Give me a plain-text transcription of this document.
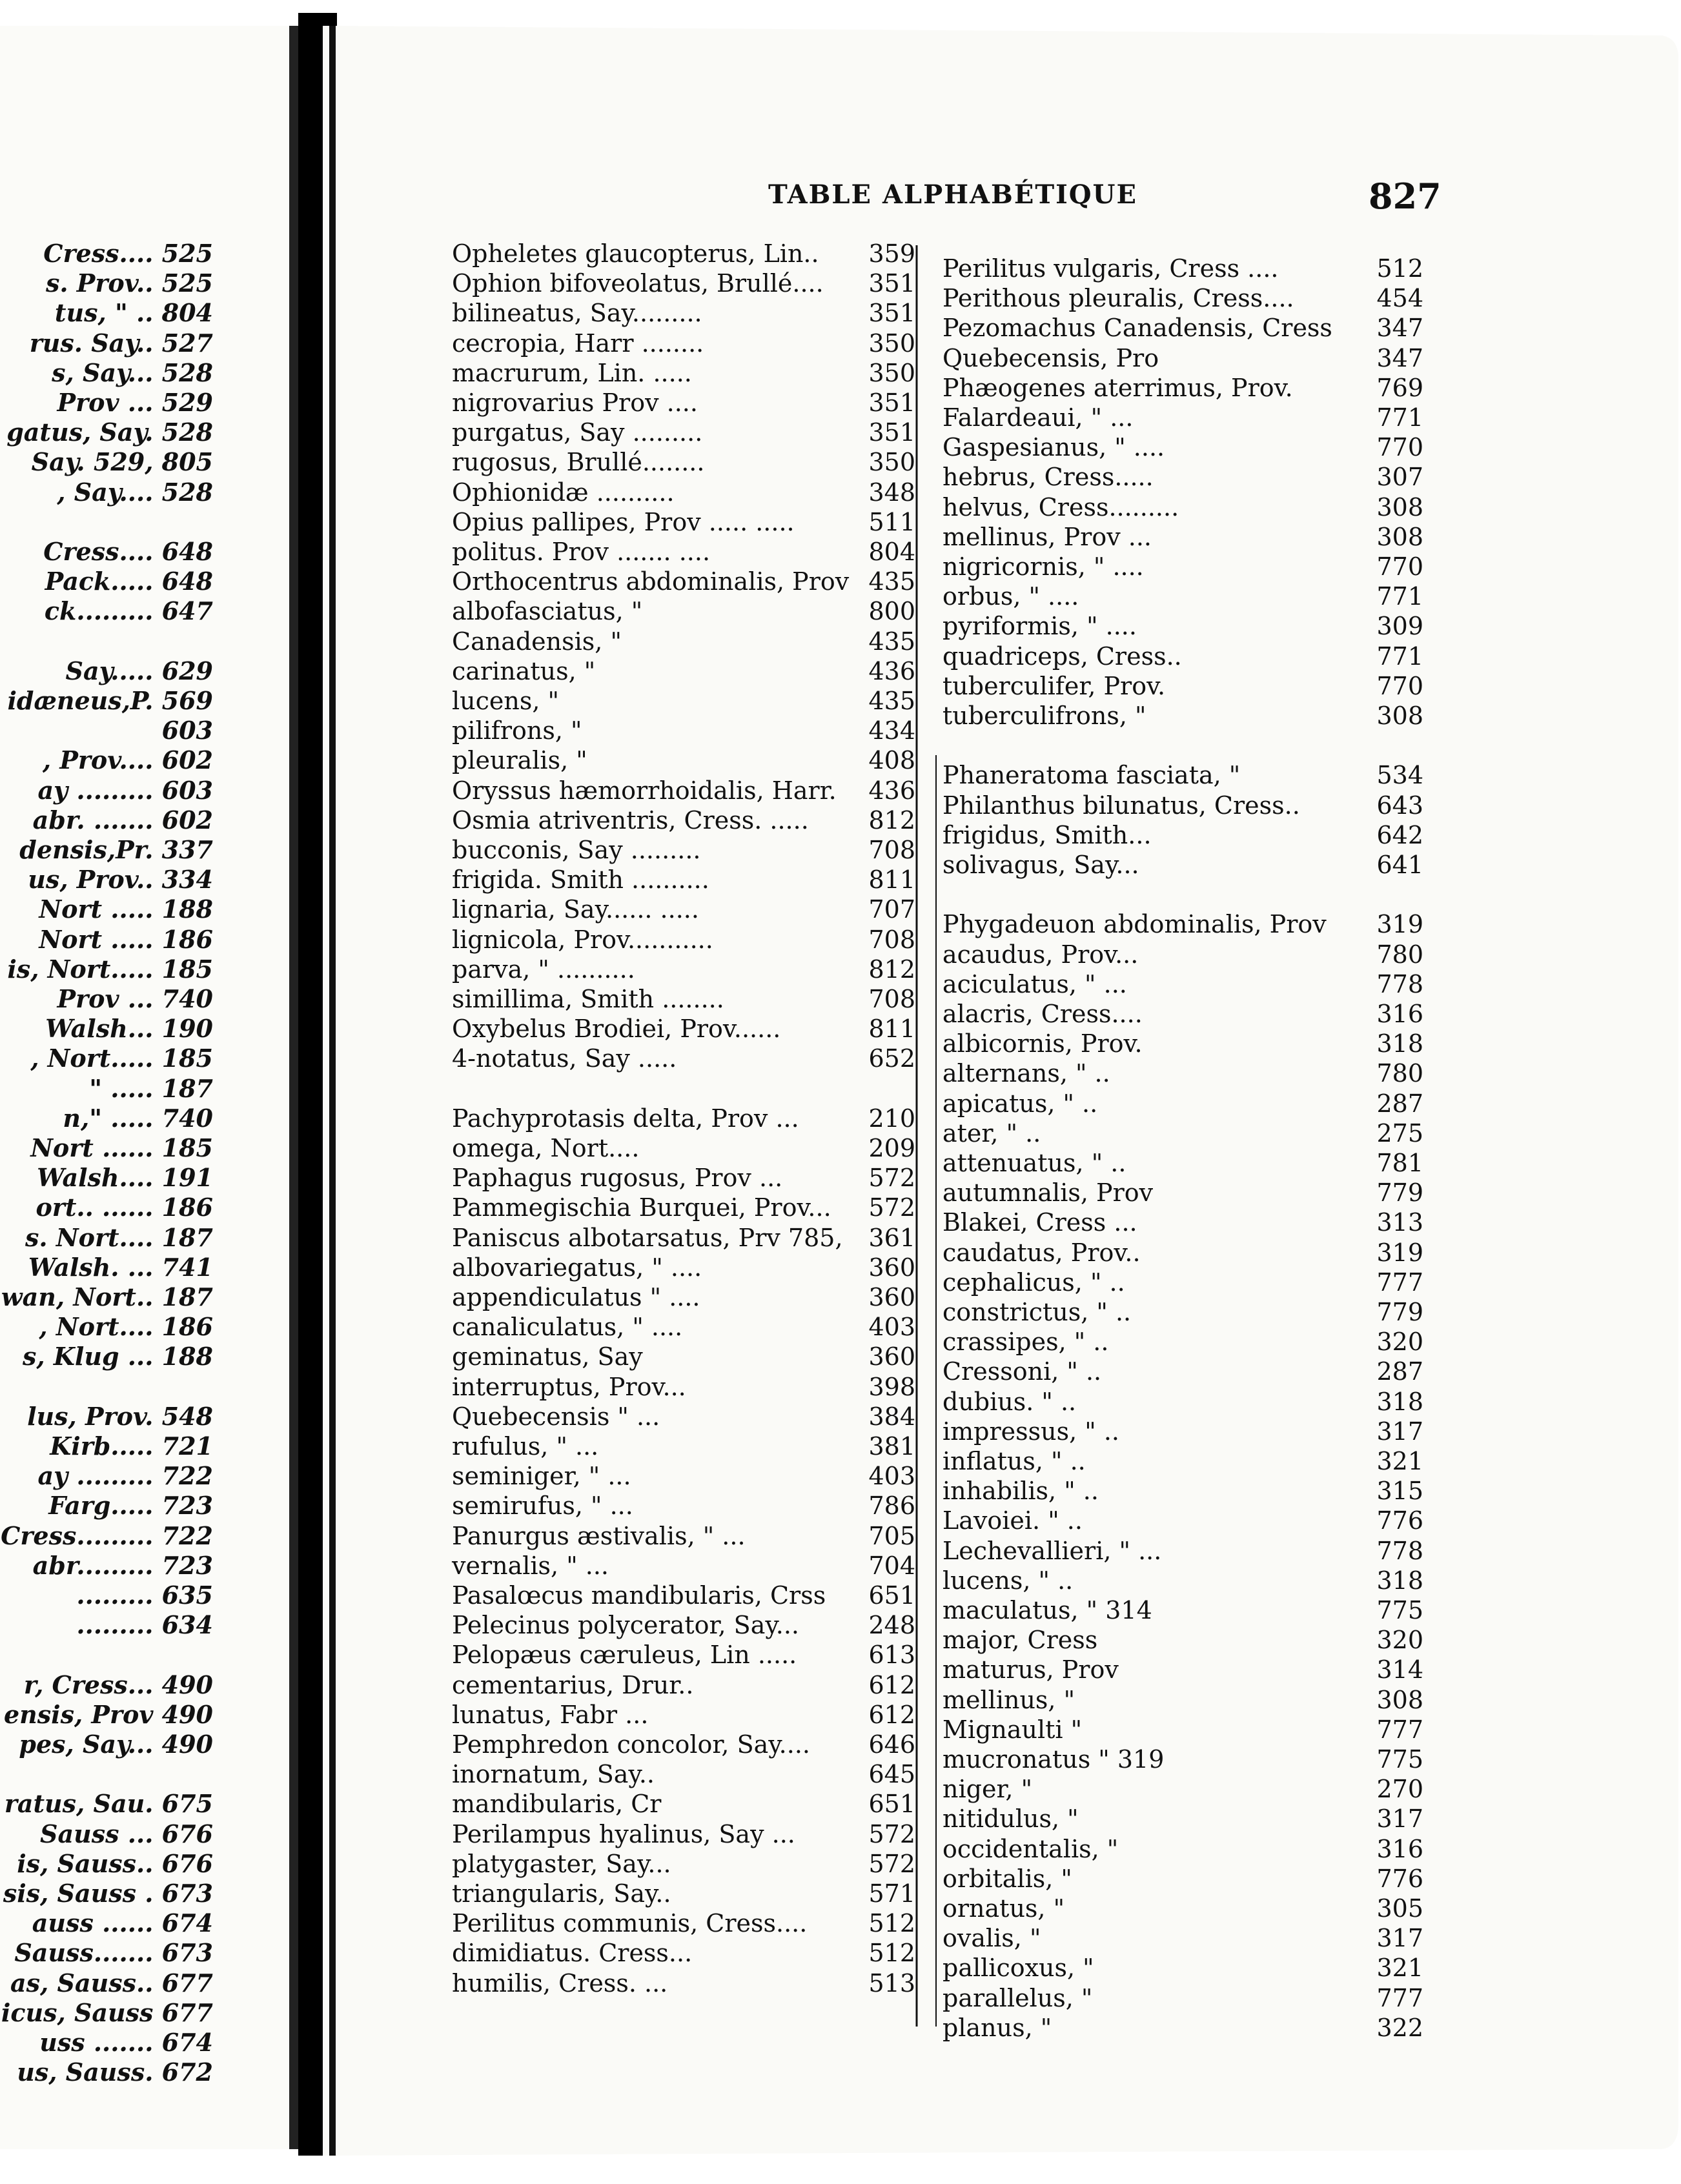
TABLE ALPHABÉTIQUE	827
Cress.... 525
s. Prov.. 525
tus, " .. 804
rus. Say.. 527
s, Say... 528
Prov ... 529
gatus, Say. 528
Say. 529, 805
, Say.... 528
Cress.... 648
Pack..... 648
ck......... 647
Say..... 629
idæneus,P. 569
603
, Prov.... 602
ay ......... 603
abr. ....... 602
densis,Pr. 337
us, Prov.. 334
Nort ..... 188
Nort ..... 186
is, Nort..... 185
Prov ... 740
Walsh... 190
, Nort..... 185
" ..... 187
n," ..... 740
Nort ...... 185
Walsh.... 191
ort.. ...... 186
s. Nort.... 187
Walsh. ... 741
wan, Nort.. 187
, Nort.... 186
s, Klug ... 188
lus, Prov. 548
Kirb..... 721
ay ......... 722
Farg..... 723
Cress......... 722
abr......... 723
......... 635
......... 634
r, Cress... 490
ensis, Prov 490
pes, Say... 490
ratus, Sau. 675
Sauss ... 676
is, Sauss.. 676
sis, Sauss . 673
auss ...... 674
Sauss....... 673
as, Sauss.. 677
icus, Sauss 677
uss ....... 674
us, Sauss. 672
Opheletes glaucopterus, Lin.. 359
Ophion bifoveolatus, Brullé.... 351
bilineatus, Say.........	351
cecropia, Harr ........	350
macrurum, Lin. .....	350
nigrovarius Prov ....	351
purgatus, Say .........	351
rugosus, Brullé........	350
Ophionidæ ..........	348
Opius pallipes, Prov ..... .....	511
politus. Prov ....... ....	804
Orthocentrus abdominalis, Prov 435
albofasciatus, "	800
Canadensis, "	435
carinatus, "	436
lucens, "	435
pilifrons, "	434
pleuralis, "	408
Oryssus hæmorrhoidalis, Harr. 436
Osmia atriventris, Cress. ..... 812
bucconis, Say .........	708
frigida. Smith ..........	811
lignaria, Say...... .....	707
lignicola, Prov...........	708
parva, " ..........	812
simillima, Smith ........	708
Oxybelus Brodiei, Prov......	811
4-notatus, Say .....	652
Pachyprotasis delta, Prov ...	210
omega, Nort....	209
Paphagus rugosus, Prov ...	572
Pammegischia Burquei, Prov... 572
Paniscus albotarsatus, Prv 785, 361
albovariegatus, " ....	360
appendiculatus " ....	360
canaliculatus, " ....	403
geminatus, Say	360
interruptus, Prov...	398
Quebecensis " ...	384
rufulus, " ...	381
seminiger, " ...	403
semirufus, " ...	786
Panurgus æstivalis, " ...	705
vernalis, " ...	704
Pasalœcus mandibularis, Crss 651
Pelecinus polycerator, Say...	248
Pelopæus cæruleus, Lin .....	613
cementarius, Drur..	612
lunatus, Fabr ...	612
Pemphredon concolor, Say.... 646
inornatum, Say..	645
mandibularis, Cr	651
Perilampus hyalinus, Say ...	572
platygaster, Say...	572
triangularis, Say..	571
Perilitus communis, Cress....	512
dimidiatus. Cress...	512
humilis, Cress. ...	513
Perilitus vulgaris, Cress ....	512
Perithous pleuralis, Cress....	454
Pezomachus Canadensis, Cress 347
Quebecensis, Pro	347
Phæogenes aterrimus, Prov.	769
Falardeaui, " ...	771
Gaspesianus, " ....	770
hebrus, Cress.....	307
helvus, Cress.........	308
mellinus, Prov ...	308
nigricornis, " ....	770
orbus, " ....	771
pyriformis, " ....	309
quadriceps, Cress..	771
tuberculifer, Prov.	770
tuberculifrons, "	308
Phaneratoma fasciata, "	534
Philanthus bilunatus, Cress..	643
frigidus, Smith...	642
solivagus, Say...	641
Phygadeuon abdominalis, Prov 319
acaudus, Prov...	780
aciculatus, " ...	778
alacris, Cress....	316
albicornis, Prov.	318
alternans, " ..	780
apicatus, " ..	287
ater, " ..	275
attenuatus, " ..	781
autumnalis, Prov	779
Blakei, Cress ...	313
caudatus, Prov..	319
cephalicus, " ..	777
constrictus, " ..	779
crassipes, " ..	320
Cressoni, " ..	287
dubius. " ..	318
impressus, " ..	317
inflatus, " ..	321
inhabilis, " ..	315
Lavoiei. " ..	776
Lechevallieri, " ...	778
lucens, " ..	318
maculatus, " 314	775
major, Cress	320
maturus, Prov	314
mellinus, "	308
Mignaulti "	777
mucronatus " 319	775
niger, "	270
nitidulus, "	317
occidentalis, "	316
orbitalis, "	776
ornatus, "	305
ovalis, "	317
pallicoxus, "	321
parallelus, "	777
planus, "	322
